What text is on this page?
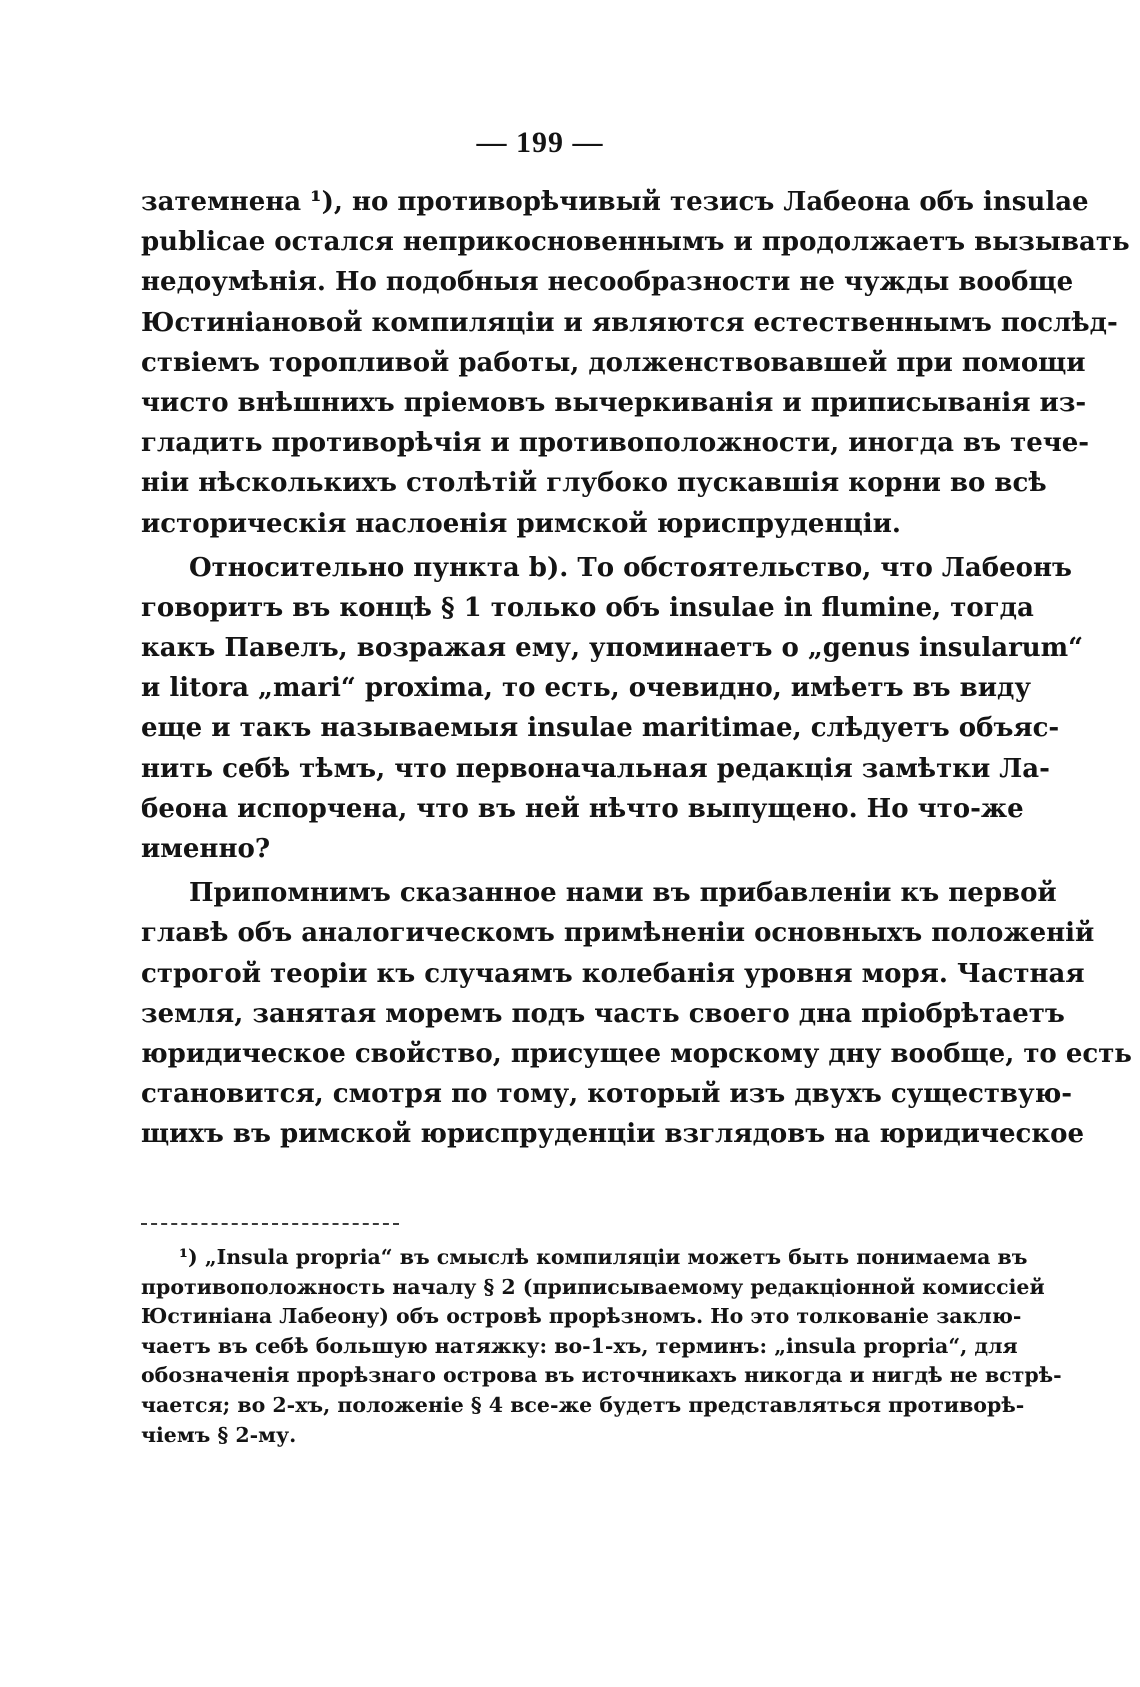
— 199 —
затемнена ¹), но противорѣчивый тезисъ Лабеона объ insulae
publicae остался неприкосновеннымъ и продолжаетъ вызывать
недоумѣнія. Но подобныя несообразности не чужды вообще
Юстиніановой компиляціи и являются естественнымъ послѣд-
ствіемъ торопливой работы, долженствовавшей при помощи
чисто внѣшнихъ пріемовъ вычеркиванія и приписыванія из-
гладить противорѣчія и противоположности, иногда въ тече-
ніи нѣсколькихъ столѣтій глубоко пускавшія корни во всѣ
историческія наслоенія римской юриспруденціи.
Относительно пункта b). То обстоятельство, что Лабеонъ
говоритъ въ концѣ § 1 только объ insulae in flumine, тогда
какъ Павелъ, возражая ему, упоминаетъ о „genus insularum“
и litora „mari“ proxima, то есть, очевидно, имѣетъ въ виду
еще и такъ называемыя insulae maritimae, слѣдуетъ объяс-
нить себѣ тѣмъ, что первоначальная редакція замѣтки Ла-
беона испорчена, что въ ней нѣчто выпущено. Но что-же
именно?
Припомнимъ сказанное нами въ прибавленіи къ первой
главѣ объ аналогическомъ примѣненіи основныхъ положеній
строгой теоріи къ случаямъ колебанія уровня моря. Частная
земля, занятая моремъ подъ часть своего дна пріобрѣтаетъ
юридическое свойство, присущее морскому дну вообще, то есть
становится, смотря по тому, который изъ двухъ существую-
щихъ въ римской юриспруденціи взглядовъ на юридическое
¹) „Insula prорria“ въ смыслѣ компиляціи можетъ быть понимаема въ
противоположность началу § 2 (приписываемому редакціонной комиссіей
Юстиніана Лабеону) объ островѣ прорѣзномъ. Но это толкованіе заклю-
чаетъ въ себѣ большую натяжку: во-1-хъ, терминъ: „insula prорria“, для
обозначенія прорѣзнаго острова въ источникахъ никогда и нигдѣ не встрѣ-
чается; во 2-хъ, положеніе § 4 все-же будетъ представляться противорѣ-
чіемъ § 2-му.
